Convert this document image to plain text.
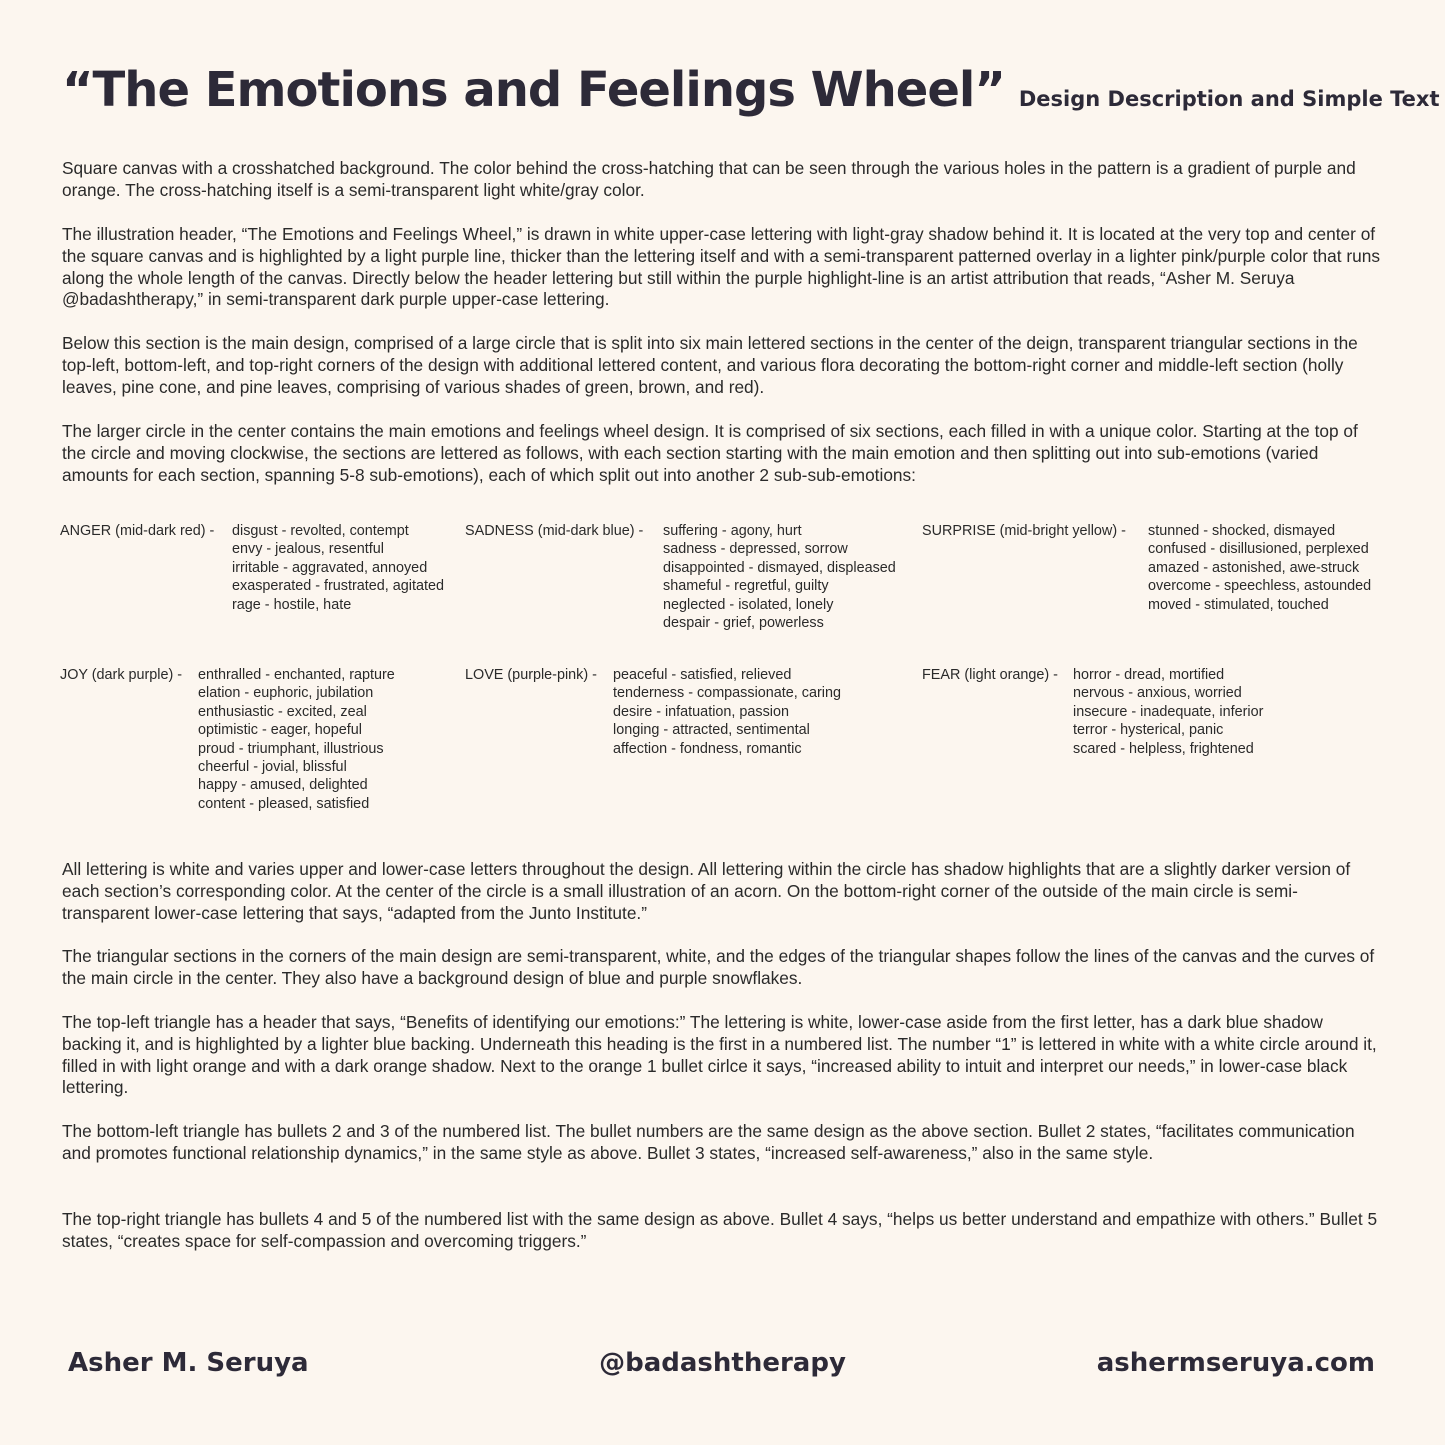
“The Emotions and Feelings Wheel” Design Description and Simple Text

Square canvas with a crosshatched background. The color behind the cross-hatching that can be seen through the various holes in the pattern is a gradient of purple and orange. The cross-hatching itself is a semi-transparent light white/gray color.

The illustration header, “The Emotions and Feelings Wheel,” is drawn in white upper-case lettering with light-gray shadow behind it. It is located at the very top and center of the square canvas and is highlighted by a light purple line, thicker than the lettering itself and with a semi-transparent patterned overlay in a lighter pink/purple color that runs along the whole length of the canvas. Directly below the header lettering but still within the purple highlight-line is an artist attribution that reads, “Asher M. Seruya @badashtherapy,” in semi-transparent dark purple upper-case lettering.

Below this section is the main design, comprised of a large circle that is split into six main lettered sections in the center of the deign, transparent triangular sections in the top-left, bottom-left, and top-right corners of the design with additional lettered content, and various flora decorating the bottom-right corner and middle-left section (holly leaves, pine cone, and pine leaves, comprising of various shades of green, brown, and red).

The larger circle in the center contains the main emotions and feelings wheel design. It is comprised of six sections, each filled in with a unique color. Starting at the top of the circle and moving clockwise, the sections are lettered as follows, with each section starting with the main emotion and then splitting out into sub-emotions (varied amounts for each section, spanning 5-8 sub-emotions), each of which split out into another 2 sub-sub-emotions:

ANGER (mid-dark red) - disgust - revolted, contempt
envy - jealous, resentful
irritable - aggravated, annoyed
exasperated - frustrated, agitated
rage - hostile, hate
SADNESS (mid-dark blue) - suffering - agony, hurt
sadness - depressed, sorrow
disappointed - dismayed, displeased
shameful - regretful, guilty
neglected - isolated, lonely
despair - grief, powerless
SURPRISE (mid-bright yellow) - stunned - shocked, dismayed
confused - disillusioned, perplexed
amazed - astonished, awe-struck
overcome - speechless, astounded
moved - stimulated, touched
JOY (dark purple) - enthralled - enchanted, rapture
elation - euphoric, jubilation
enthusiastic - excited, zeal
optimistic - eager, hopeful
proud - triumphant, illustrious
cheerful - jovial, blissful
happy - amused, delighted
content - pleased, satisfied
LOVE (purple-pink) - peaceful - satisfied, relieved
tenderness - compassionate, caring
desire - infatuation, passion
longing - attracted, sentimental
affection - fondness, romantic
FEAR (light orange) - horror - dread, mortified
nervous - anxious, worried
insecure - inadequate, inferior
terror - hysterical, panic
scared - helpless, frightened

All lettering is white and varies upper and lower-case letters throughout the design. All lettering within the circle has shadow highlights that are a slightly darker version of each section’s corresponding color. At the center of the circle is a small illustration of an acorn. On the bottom-right corner of the outside of the main circle is semi-transparent lower-case lettering that says, “adapted from the Junto Institute.”

The triangular sections in the corners of the main design are semi-transparent, white, and the edges of the triangular shapes follow the lines of the canvas and the curves of the main circle in the center. They also have a background design of blue and purple snowflakes.

The top-left triangle has a header that says, “Benefits of identifying our emotions:” The lettering is white, lower-case aside from the first letter, has a dark blue shadow backing it, and is highlighted by a lighter blue backing. Underneath this heading is the first in a numbered list. The number “1” is lettered in white with a white circle around it, filled in with light orange and with a dark orange shadow. Next to the orange 1 bullet cirlce it says, “increased ability to intuit and interpret our needs,” in lower-case black lettering.

The bottom-left triangle has bullets 2 and 3 of the numbered list. The bullet numbers are the same design as the above section. Bullet 2 states, “facilitates communication and promotes functional relationship dynamics,” in the same style as above. Bullet 3 states, “increased self-awareness,” also in the same style.

The top-right triangle has bullets 4 and 5 of the numbered list with the same design as above. Bullet 4 says, “helps us better understand and empathize with others.” Bullet 5 states, “creates space for self-compassion and overcoming triggers.”

Asher M. Seruya	@badashtherapy	ashermseruya.com
